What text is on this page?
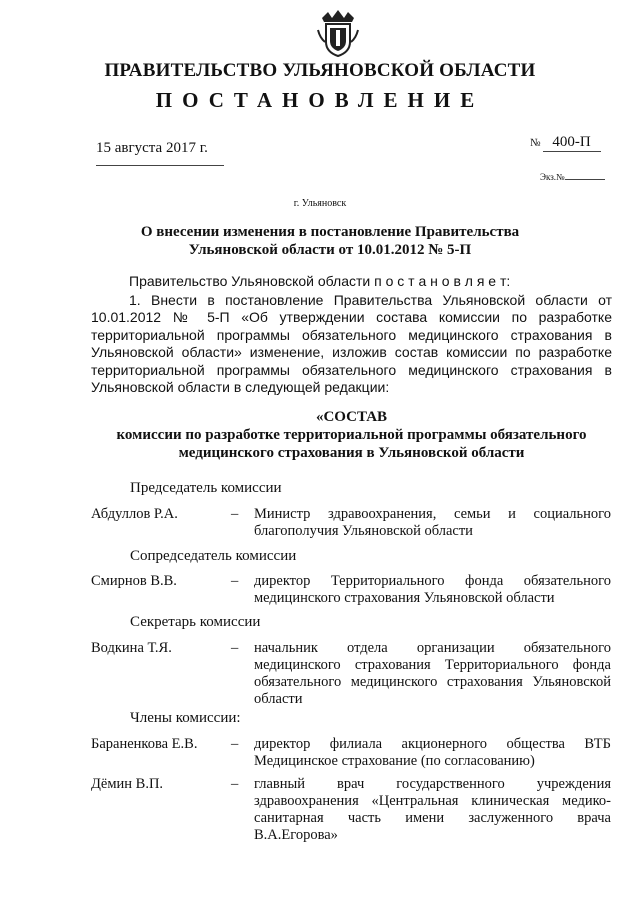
ПРАВИТЕЛЬСТВО УЛЬЯНОВСКОЙ ОБЛАСТИ
ПОСТАНОВЛЕНИЕ
15 августа 2017 г.	№ 400-П
Экз.№
г. Ульяновск
О внесении изменения в постановление Правительства
Ульяновской области от 10.01.2012 № 5-П
Правительство Ульяновской области п о с т а н о в л я е т:
1. Внести в постановление Правительства Ульяновской области от 10.01.2012 № 5-П «Об утверждении состава комиссии по разработке территориальной программы обязательного медицинского страхования в Ульяновской области» изменение, изложив состав комиссии по разработке территориальной программы обязательного медицинского страхования в Ульяновской области в следующей редакции:
«СОСТАВ
комиссии по разработке территориальной программы обязательного
медицинского страхования в Ульяновской области
Председатель комиссии
Абдуллов Р.А.	– Министр здравоохранения, семьи и социального благополучия Ульяновской области
Сопредседатель комиссии
Смирнов В.В.	– директор Территориального фонда обязательного медицинского страхования Ульяновской области
Секретарь комиссии
Водкина Т.Я.	– начальник отдела организации обязательного медицинского страхования Территориального фонда обязательного медицинского страхования Ульяновской области
Члены комиссии:
Бараненкова Е.В. – директор филиала акционерного общества ВТБ Медицинское страхование (по согласованию)
Дёмин В.П.	– главный врач государственного учреждения здравоохранения «Центральная клиническая медико-санитарная часть имени заслуженного врача В.А.Егорова»
